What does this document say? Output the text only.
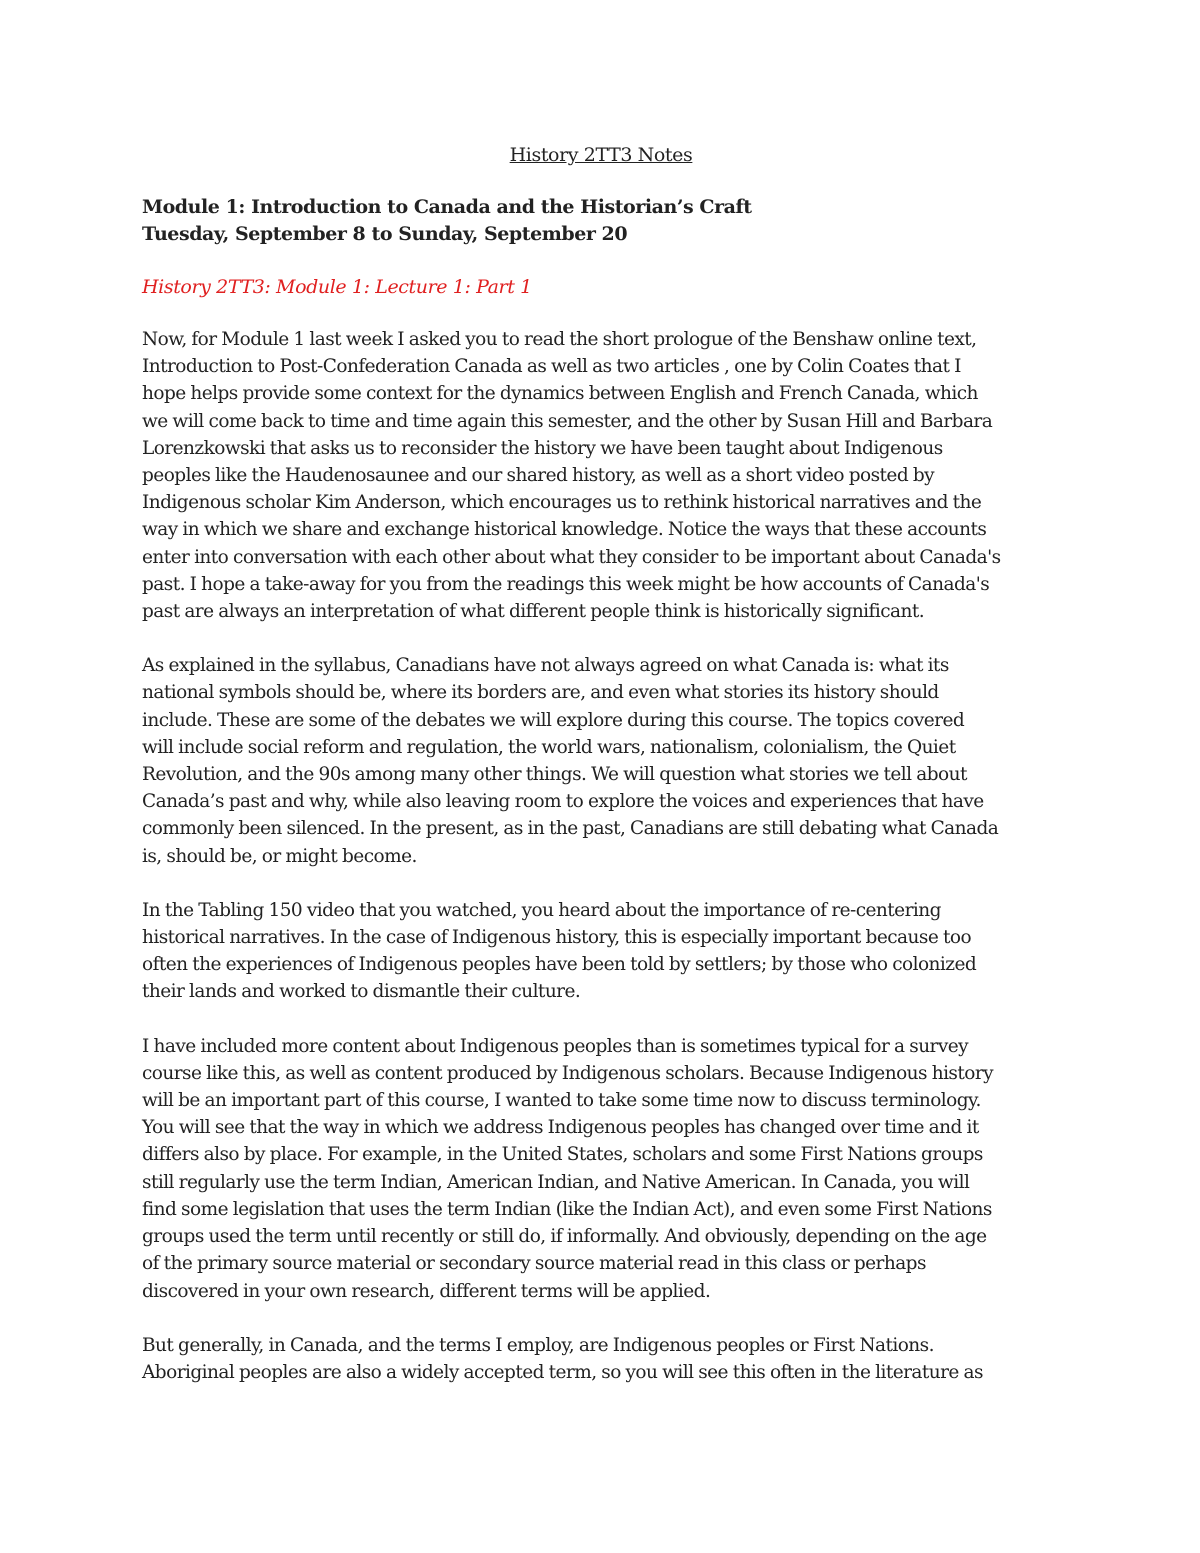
History 2TT3 Notes
Module 1: Introduction to Canada and the Historian’s Craft
Tuesday, September 8 to Sunday, September 20
History 2TT3: Module 1: Lecture 1: Part 1
Now, for Module 1 last week I asked you to read the short prologue of the Benshaw online text,
Introduction to Post-Confederation Canada as well as two articles , one by Colin Coates that I
hope helps provide some context for the dynamics between English and French Canada, which
we will come back to time and time again this semester, and the other by Susan Hill and Barbara
Lorenzkowski that asks us to reconsider the history we have been taught about Indigenous
peoples like the Haudenosaunee and our shared history, as well as a short video posted by
Indigenous scholar Kim Anderson, which encourages us to rethink historical narratives and the
way in which we share and exchange historical knowledge. Notice the ways that these accounts
enter into conversation with each other about what they consider to be important about Canada's
past. I hope a take-away for you from the readings this week might be how accounts of Canada's
past are always an interpretation of what different people think is historically significant.
As explained in the syllabus, Canadians have not always agreed on what Canada is: what its
national symbols should be, where its borders are, and even what stories its history should
include. These are some of the debates we will explore during this course. The topics covered
will include social reform and regulation, the world wars, nationalism, colonialism, the Quiet
Revolution, and the 90s among many other things. We will question what stories we tell about
Canada’s past and why, while also leaving room to explore the voices and experiences that have
commonly been silenced. In the present, as in the past, Canadians are still debating what Canada
is, should be, or might become.
In the Tabling 150 video that you watched, you heard about the importance of re-centering
historical narratives. In the case of Indigenous history, this is especially important because too
often the experiences of Indigenous peoples have been told by settlers; by those who colonized
their lands and worked to dismantle their culture.
I have included more content about Indigenous peoples than is sometimes typical for a survey
course like this, as well as content produced by Indigenous scholars. Because Indigenous history
will be an important part of this course, I wanted to take some time now to discuss terminology.
You will see that the way in which we address Indigenous peoples has changed over time and it
differs also by place. For example, in the United States, scholars and some First Nations groups
still regularly use the term Indian, American Indian, and Native American. In Canada, you will
find some legislation that uses the term Indian (like the Indian Act), and even some First Nations
groups used the term until recently or still do, if informally. And obviously, depending on the age
of the primary source material or secondary source material read in this class or perhaps
discovered in your own research, different terms will be applied.
But generally, in Canada, and the terms I employ, are Indigenous peoples or First Nations.
Aboriginal peoples are also a widely accepted term, so you will see this often in the literature as
